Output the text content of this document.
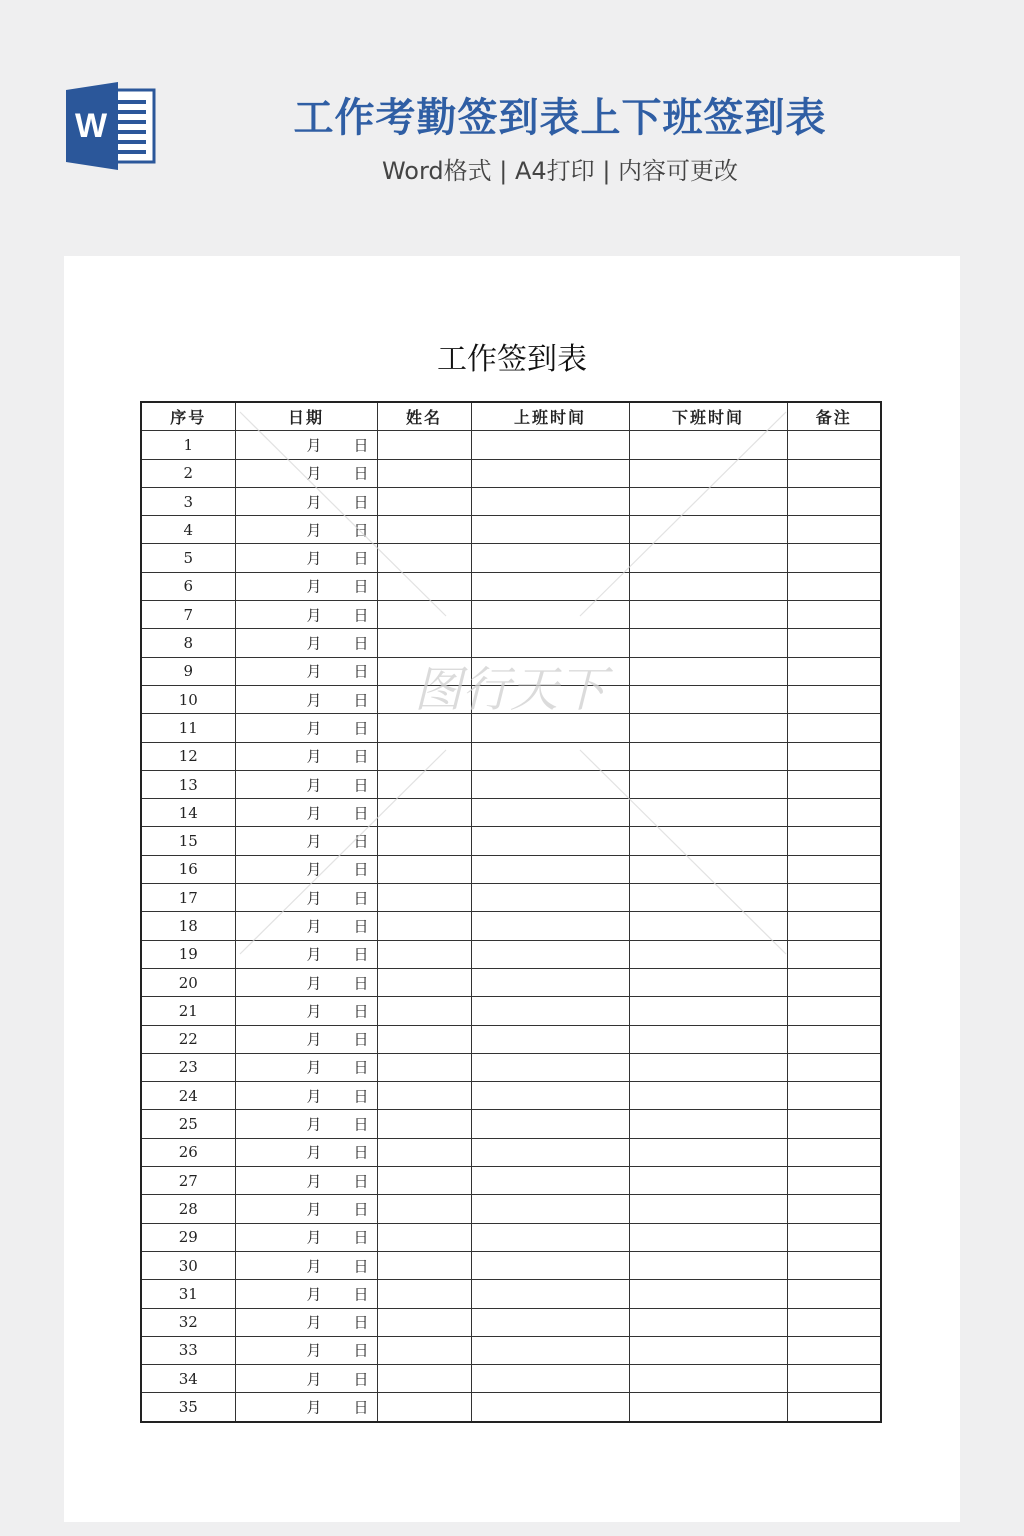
W	工作考勤签到表上下班签到表
Word格式 | A4打印 | 内容可更改
工作签到表
序号	日期	姓名	上班时间	下班时间	备注
1	月 日				

2	月 日				

3	月 日				

4	月 日				

5	月 日				

6	月 日				

7	月 日				

8	月 日				

9	月 日				

10	月 日				

11	月 日				

12	月 日				

13	月 日				

14	月 日				

15	月 日				

16	月 日				

17	月 日				

18	月 日				

19	月 日				

20	月 日				

21	月 日				

22	月 日				

23	月 日				

24	月 日				

25	月 日				

26	月 日				

27	月 日				

28	月 日				

29	月 日				

30	月 日				

31	月 日				

32	月 日				

33	月 日				

34	月 日				

35	月 日				

图行天下
